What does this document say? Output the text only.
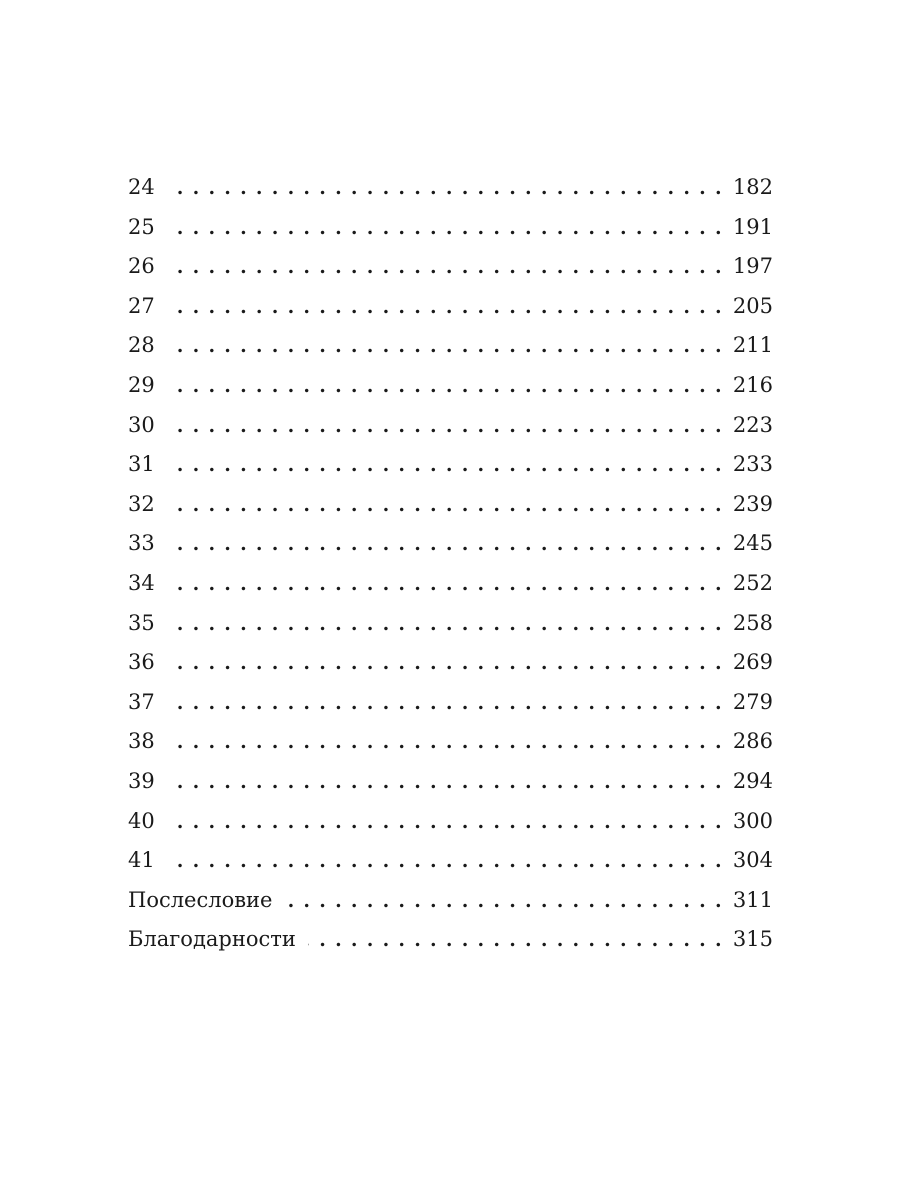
24 . . .	182
25 . . .	191
26 . . .	197
27 . . .	205
28 . . .	211
29 . . .	216
30 . . .	223
31 . . .	233
32 . . .	239
33 . . .	245
34 . . .	252
35 . . .	258
36 . . .	269
37 . . .	279
38 . . .	286
39 . . .	294
40 . . .	300
41 . . .	304
Послесловие . . .	311
Благодарности . . .	315
